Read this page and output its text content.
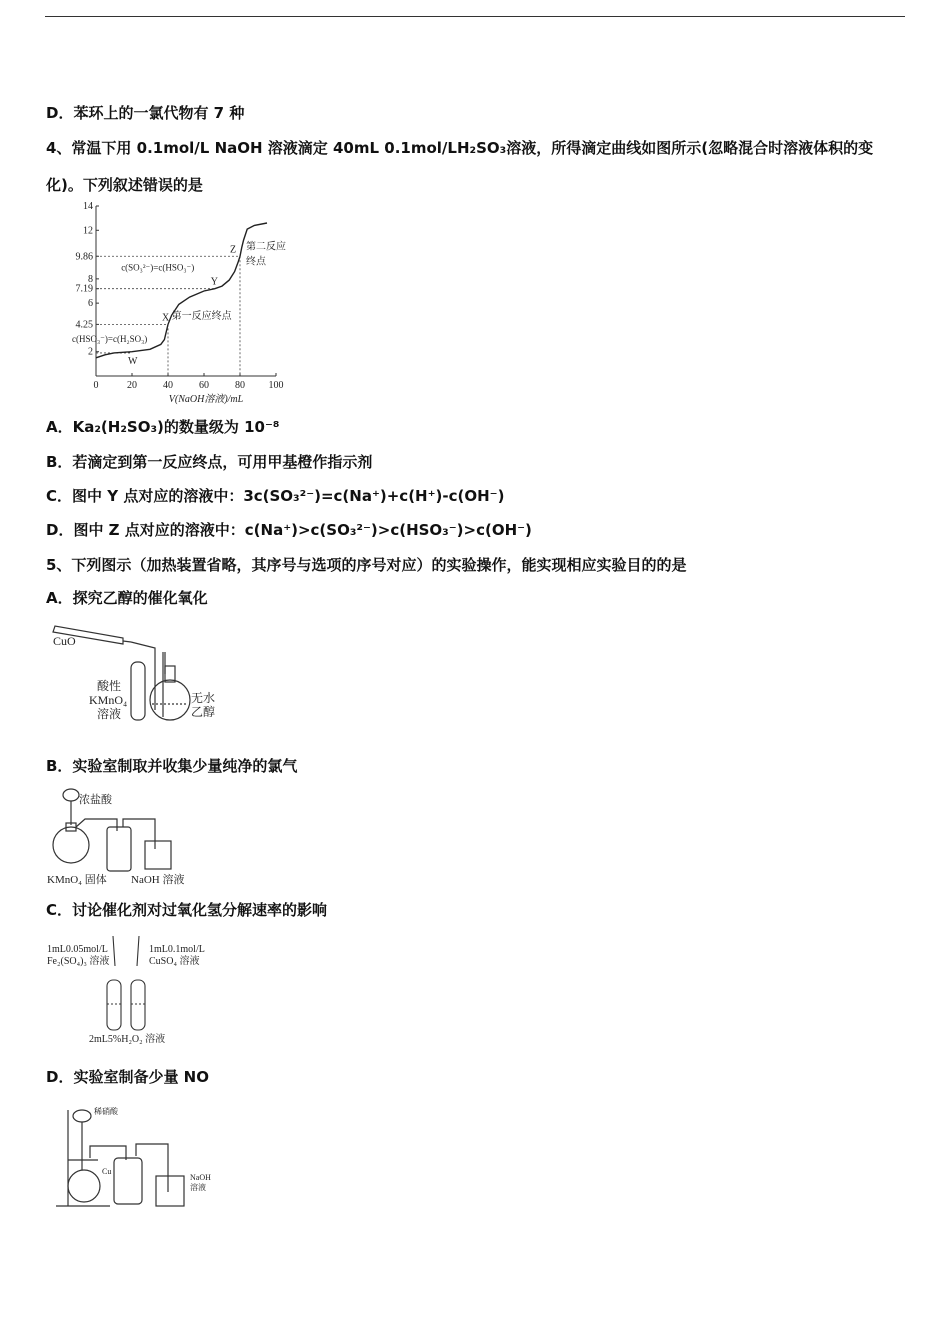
D．苯环上的一氯代物有 7 种
4、常温下用 0.1mol/L NaOH 溶液滴定 40mL 0.1mol/LH₂SO₃溶液，所得滴定曲线如图所示(忽略混合时溶液体积的变
化)。下列叙述错误的是
0	20	40	60	80 100
2
4.25
6
7.19
8
9.86
12
14
V(NaOH溶液)/mL
W
X
Y
Z
c(HSO₃⁻)=c(H₂SO₃)
c(SO₃²⁻)=c(HSO₃⁻)
第一反应终点
第二反应
终点
A．Ka₂(H₂SO₃)的数量级为 10⁻⁸
B．若滴定到第一反应终点，可用甲基橙作指示剂
C．图中 Y 点对应的溶液中：3c(SO₃²⁻)=c(Na⁺)+c(H⁺)-c(OH⁻)
D．图中 Z 点对应的溶液中：c(Na⁺)>c(SO₃²⁻)>c(HSO₃⁻)>c(OH⁻)
5、下列图示（加热装置省略，其序号与选项的序号对应）的实验操作，能实现相应实验目的的是
A．探究乙醇的催化氧化
CuO
酸性
KMnO₄
溶液
无水
乙醇
B．实验室制取并收集少量纯净的氯气
浓盐酸
KMnO₄ 固体 NaOH 溶液
C．讨论催化剂对过氧化氢分解速率的影响
1mL0.05mol/L
Fe₂(SO₄)₃ 溶液
1mL0.1mol/L
CuSO₄ 溶液
2mL5%H₂O₂ 溶液
D．实验室制备少量 NO
稀硝酸
Cu
NaOH
溶液
